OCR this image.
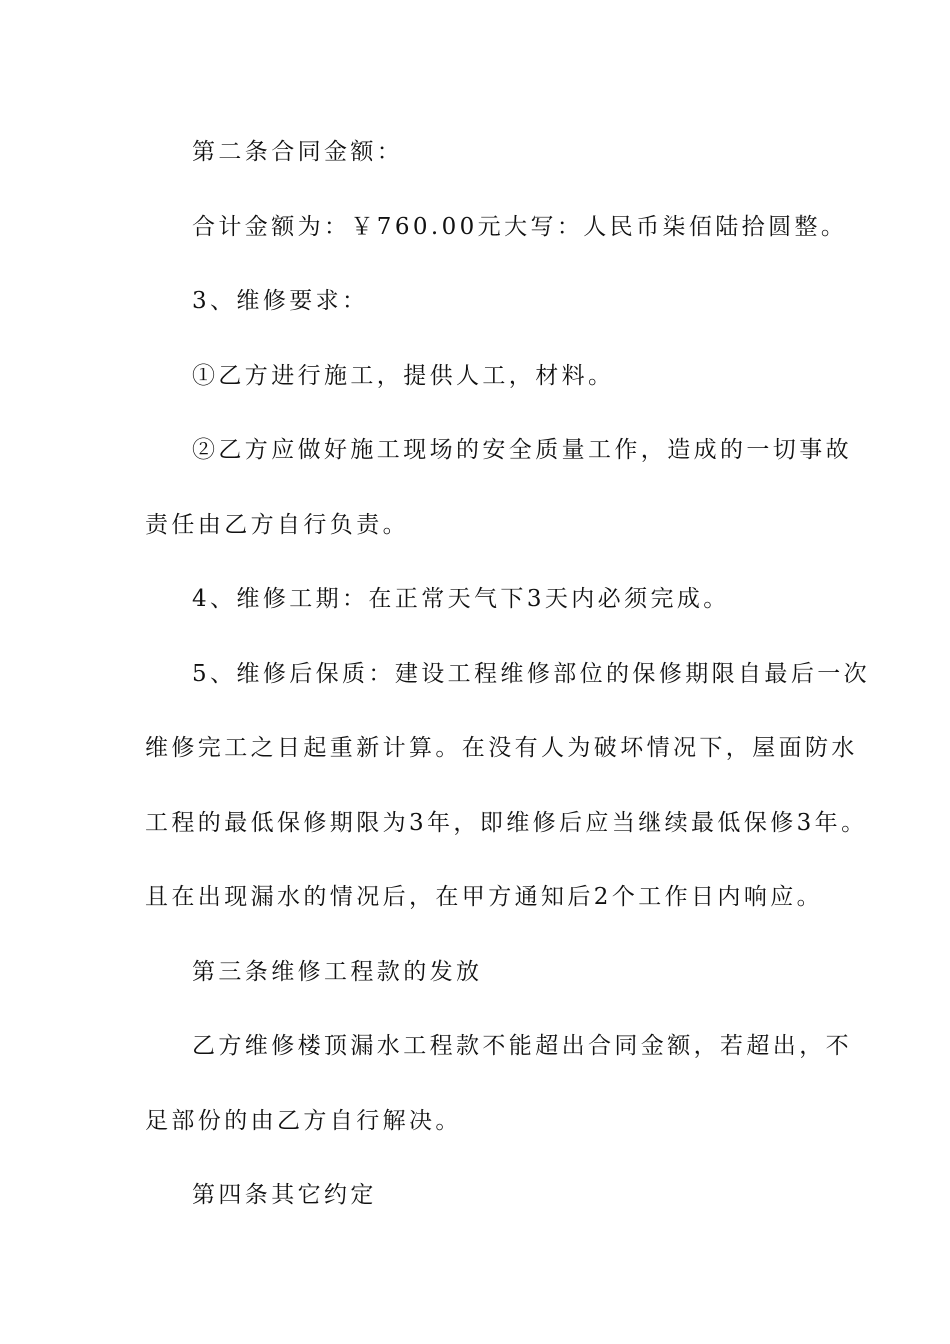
第二条合同金额：
合计金额为：￥760.00元大写：人民币柒佰陆拾圆整。
3、维修要求：
①乙方进行施工，提供人工，材料。
②乙方应做好施工现场的安全质量工作，造成的一切事故
责任由乙方自行负责。
4、维修工期：在正常天气下3天内必须完成。
5、维修后保质：建设工程维修部位的保修期限自最后一次
维修完工之日起重新计算。在没有人为破坏情况下，屋面防水
工程的最低保修期限为3年，即维修后应当继续最低保修3年。
且在出现漏水的情况后，在甲方通知后2个工作日内响应。
第三条维修工程款的发放
乙方维修楼顶漏水工程款不能超出合同金额，若超出，不
足部份的由乙方自行解决。
第四条其它约定
